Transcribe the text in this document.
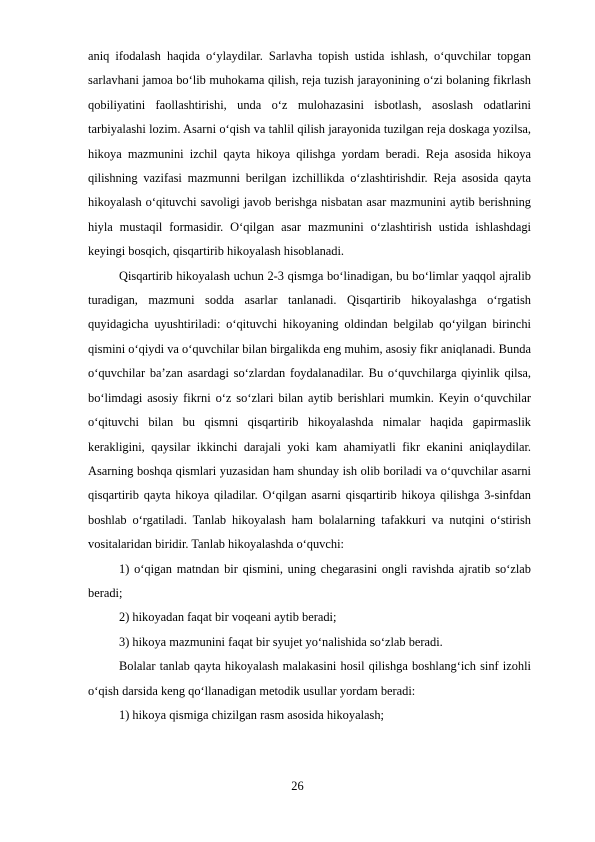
aniq ifodalash haqida o‘ylaydilar. Sarlavha topish ustida ishlash, o‘quvchilar topgan sarlavhani jamoa bo‘lib muhokama qilish, reja tuzish jarayonining o‘zi bolaning fikrlash qobiliyatini faollashtirishi, unda o‘z mulohazasini isbotlash, asoslash odatlarini tarbiyalashi lozim. Asarni o‘qish va tahlil qilish jarayonida tuzilgan reja doskaga yozilsa, hikoya mazmunini izchil qayta hikoya qilishga yordam beradi. Reja asosida hikoya qilishning vazifasi mazmunni berilgan izchillikda o‘zlashtirishdir. Reja asosida qayta hikoyalash o‘qituvchi savoligi javob berishga nisbatan asar mazmunini aytib berishning hiyla mustaqil formasidir. O‘qilgan asar mazmunini o‘zlashtirish ustida ishlashdagi keyingi bosqich, qisqartirib hikoyalash hisoblanadi.

Qisqartirib hikoyalash uchun 2-3 qismga bo‘linadigan, bu bo‘limlar yaqqol ajralib turadigan, mazmuni sodda asarlar tanlanadi. Qisqartirib hikoyalashga o‘rgatish quyidagicha uyushtiriladi: o‘qituvchi hikoyaning oldindan belgilab qo‘yilgan birinchi qismini o‘qiydi va o‘quvchilar bilan birgalikda eng muhim, asosiy fikr aniqlanadi. Bunda o‘quvchilar ba’zan asardagi so‘zlardan foydalanadilar. Bu o‘quvchilarga qiyinlik qilsa, bo‘limdagi asosiy fikrni o‘z so‘zlari bilan aytib berishlari mumkin. Keyin o‘quvchilar o‘qituvchi bilan bu qismni qisqartirib hikoyalashda nimalar haqida gapirmaslik kerakligini, qaysilar ikkinchi darajali yoki kam ahamiyatli fikr ekanini aniqlaydilar. Asarning boshqa qismlari yuzasidan ham shunday ish olib boriladi va o‘quvchilar asarni qisqartirib qayta hikoya qiladilar. O‘qilgan asarni qisqartirib hikoya qilishga 3-sinfdan boshlab o‘rgatiladi. Tanlab hikoyalash ham bolalarning tafakkuri va nutqini o‘stirish vositalaridan biridir. Tanlab hikoyalashda o‘quvchi:

1) o‘qigan matndan bir qismini, uning chegarasini ongli ravishda ajratib so‘zlab beradi;

2) hikoyadan faqat bir voqeani aytib beradi;

3) hikoya mazmunini faqat bir syujet yo‘nalishida so‘zlab beradi.

Bolalar tanlab qayta hikoyalash malakasini hosil qilishga boshlang‘ich sinf izohli o‘qish darsida keng qo‘llanadigan metodik usullar yordam beradi:

1) hikoya qismiga chizilgan rasm asosida hikoyalash;

26
